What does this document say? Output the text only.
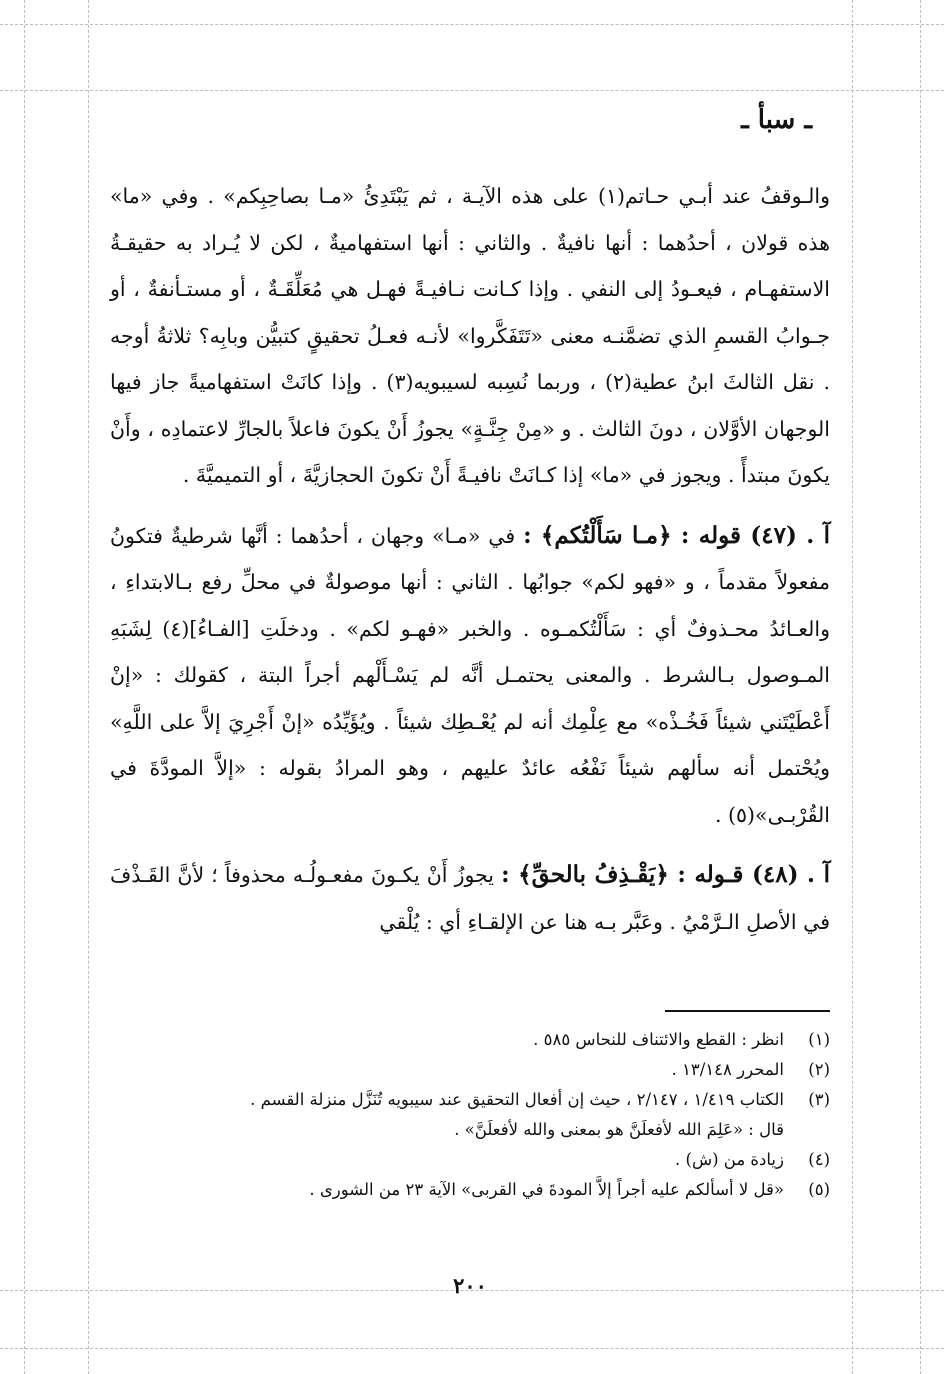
ـ سبأ ـ

والـوقفُ عند أبـي حـاتم(١) على هذه الآيـة ، ثم يَبْتَدِئُ «مـا بصاحِبِكم» . وفي «ما» هذه قولان ، أحدُهما : أنها نافيةٌ . والثاني : أنها استفهاميةٌ ، لكن لا يُـراد به حقيقـةُ الاستفهـام ، فيعـودُ إلى النفي . وإذا كـانت نـافيـةً فهـل هي مُعَلِّقَـةٌ ، أو مستـأنفةٌ ، أو جـوابُ القسمِ الذي تضمَّنـه معنى «تَتَفَكَّروا» لأنـه فعـلُ تحقيقٍ كتبيُّن وبابِه؟ ثلاثةُ أوجه . نقل الثالثَ ابنُ عطية(٢) ، وربما نُسِبه لسيبويه(٣) . وإذا كانَتْ استفهاميةً جاز فيها الوجهان الأوَّلان ، دونَ الثالث . و «مِنْ جِنَّـةٍ» يجوزُ أَنْ يكونَ فاعلاً بالجارِّ لاعتمادِه ، وأَنْ يكونَ مبتدأً . ويجوز في «ما» إذا كـانَتْ نافيـةً أَنْ تكونَ الحجازيَّةَ ، أو التميميَّةَ .

آ . (٤٧) قوله : ﴿مـا سَأَلْتُكم﴾ : في «مـا» وجهان ، أحدُهما : أنَّها شرطيةٌ فتكونُ مفعولاً مقدماً ، و «فهو لكم» جوابُها . الثاني : أنها موصولةٌ في محلِّ رفع بـالابتداءِ ، والعـائدُ محـذوفٌ أي : سَأَلْتُكمـوه . والخبر «فهـو لكم» . ودخلَتِ [الفـاءُ](٤) لِشَبَهِ المـوصول بـالشرط . والمعنى يحتمـل أنَّه لم يَسْـأَلْهم أجراً البتة ، كقولك : «إنْ أَعْطَيْتَني شيئاً فَخُـذْه» مع عِلْمِك أنه لم يُعْـطِك شيئاً . ويُؤَيِّدُه «إنْ أَجْرِيَ إلاَّ على اللَّهِ» ويُحْتمل أنه سألهم شيئاً نَفْعُه عائدٌ عليهم ، وهو المرادُ بقوله : «إلاَّ المودَّةَ في القُرْبـى»(٥) .

آ . (٤٨) قـوله : ﴿يَقْـذِفُ بالحقِّ﴾ : يجوزُ أَنْ يكـونَ مفعـولُـه محذوفاً ؛ لأنَّ القَـذْفَ في الأصلِ الـرَّمْيُ . وعَبَّر بـه هنا عن الإلقـاءِ أي : يُلْقي

(١)
انظر : القطع والائتناف للنحاس ٥٨٥ .
(٢)
المحرر ١٣/١٤٨ .
(٣)
الكتاب ١/٤١٩ ، ٢/١٤٧ ، حيث إن أفعال التحقيق عند سيبويه تُنَزَّل منزلة القسم .
قال : «عَلِمَ الله لأفعلَنَّ هو بمعنى والله لأفعلَنَّ» .
(٤)
زيادة من (ش) .
(٥)
«قل لا أسألكم عليه أجراً إلاَّ المودةَ في القربى» الآية ٢٣ من الشورى .
٢٠٠
